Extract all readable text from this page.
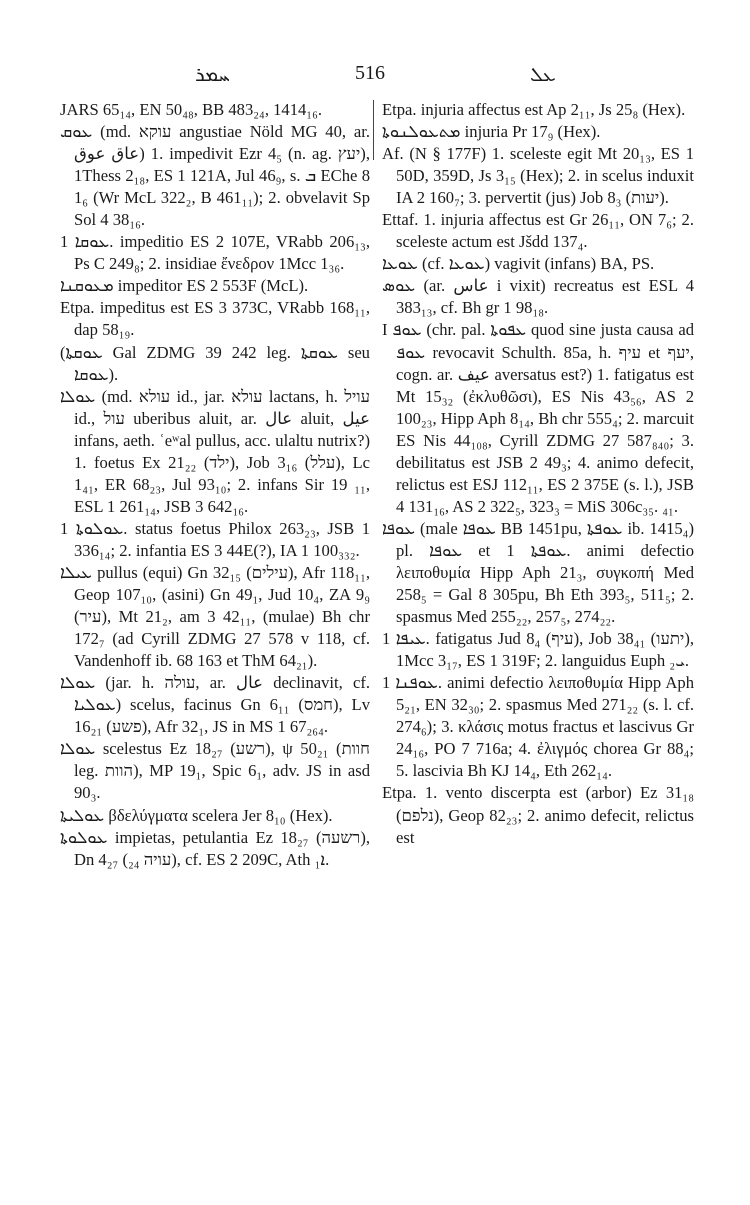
ܚܡܪ	516	ܥܠ

JARS 65₁₄, EN 50₄₈, BB 483₂₄, 1414₁₆.

ܥܘܩ (md. עוקא angustiae Nöld MG 40, ar. عاق عوق) 1. impedivit Ezr 4₅ (n. ag. יעץ), 1Thess 2₁₈, ES 1 121A, Jul 46₉, s. ܒ EChe 8 1₆ (Wr McL 322₂, B 461₁₁); 2. obvelavit Sp Sol 4 38₁₆.

ܥܘܩܐ 1. impeditio ES 2 107E, VRabb 206₁₃, Ps C 249₈; 2. insidiae ἔνεδρον 1Mcc 1₃₆.

ܡܥܘܩܢܐ impeditor ES 2 553F (McL).

Etpa. impeditus est ES 3 373C, VRabb 168₁₁, dap 58₁₉.

(ܥܘܩܬܐ Gal ZDMG 39 242 leg. ܥܘܩܬܐ seu ܥܘܩܐ).

ܥܘܠܐ (md. עולא id., jar. עולא lactans, h. עויל id., עול uberibus aluit, ar. عال aluit, عيل infans, aeth. ʿeʷal pullus, acc. ulaltu nutrix?) 1. foetus Ex 21₂₂ (ילד), Job 3₁₆ (עלל), Lc 1₄₁, ER 68₂₃, Jul 93₁₀; 2. infans Sir 19 ₁₁, ESL 1 261₁₄, JSB 3 642₁₆.

ܥܘܠܘܬܐ 1. status foetus Philox 263₂₃, JSB 1 336₁₄; 2. infantia ES 3 44E(?), IA 1 100₃₃₂.

ܥܝܠܐ pullus (equi) Gn 32₁₅ (עילים), Afr 118₁₁, Geop 107₁₀, (asini) Gn 49₁, Jud 10₄, ZA 9₉ (עיר), Mt 21₂, am 3 42₁₁, (mulae) Bh chr 172₇ (ad Cyrill ZDMG 27 578 v 118, cf. Vandenhoff ib. 68 163 et ThM 64₂₁).

ܥܘܠܐ (jar. h. עולה, ar. عال declinavit, cf. ܥܘܠܝܐ) scelus, facinus Gn 6₁₁ (חמס), Lv 16₂₁ (פשע), Afr 32₁, JS in MS 1 67₂₆₄.

ܥܘܠܐ scelestus Ez 18₂₇ (רשע), ψ 50₂₁ (חוות leg. הוות), MP 19₁, Spic 6₁, adv. JS in asd 90₃.

ܥܘܠܝܬܐ βδελύγματα scelera Jer 8₁₀ (Hex).

ܥܘܠܘܬܐ impietas, petulantia Ez 18₂₇ (רשעה), Dn 4₂₇ (₂₄ עויה), cf. ES 2 209C, Ath ܐ₁.

Etpa. injuria affectus est Ap 2₁₁, Js 25₈ (Hex).

ܡܬܥܘܠܢܘܬܐ injuria Pr 17₉ (Hex).

Af. (N § 177F) 1. sceleste egit Mt 20₁₃, ES 1 50D, 359D, Js 3₁₅ (Hex); 2. in scelus induxit IA 2 160₇; 3. pervertit (jus) Job 8₃ (יעות).

Ettaf. 1. injuria affectus est Gr 26₁₁, ON 7₆; 2. sceleste actum est Jšdd 137₄.

ܥܘܥܐ (cf. ܥܘܥܐ) vagivit (infans) BA, PS.

ܥܘܣ (ar. عاس i vixit) recreatus est ESL 4 383₁₃, cf. Bh gr 1 98₁₈.

I ܥܘܦ (chr. pal. ܥܦܘܬܐ quod sine justa causa ad ܥܘܦ revocavit Schulth. 85a, h. עיף et יעף, cogn. ar. عيف aversatus est?) 1. fatigatus est Mt 15₃₂ (ἐκλυθῶσι), ES Nis 43₅₆, AS 2 100₂₃, Hipp Aph 8₁₄, Bh chr 555₄; 2. marcuit ES Nis 44₁₀₈, Cyrill ZDMG 27 587₈₄₀; 3. debilitatus est JSB 2 49₃; 4. animo defecit, relictus est ESJ 112₁₁, ES 2 375E (s. l.), JSB 4 131₁₆, AS 2 322₅, 323₃ = MiS 306c₃₅. ₄₁.

ܥܘܦܐ (male ܥܘܦܐ BB 1451pu, ܥܘܦܬܐ ib. 1415₄) pl. ܥܘܦܐ et ܥܘܦܬܐ 1. animi defectio λειποθυμία Hipp Aph 21₃, συγκοπή Med 258₅ = Gal 8 305pu, Bh Eth 393₅, 511₅; 2. spasmus Med 255₂₂, 257₅, 274₂₂.

ܥܝܦܐ 1. fatigatus Jud 8₄ (עיף), Job 38₄₁ (יתעו), 1Mcc 3₁₇, ES 1 319F; 2. languidus Euph ܝ₂.

ܥܘܦܢܐ 1. animi defectio λειποθυμία Hipp Aph 5₂₁, EN 32₃₀; 2. spasmus Med 271₂₂ (s. l. cf. 274₆); 3. κλάσις motus fractus et lascivus Gr 24₁₆, PO 7 716a; 4. ἐλιγμός chorea Gr 88₄; 5. lascivia Bh KJ 14₄, Eth 262₁₄.

Etpa. 1. vento discerpta est (arbor) Ez 31₁₈ (נלפם), Geop 82₂₃; 2. animo defecit, relictus est
